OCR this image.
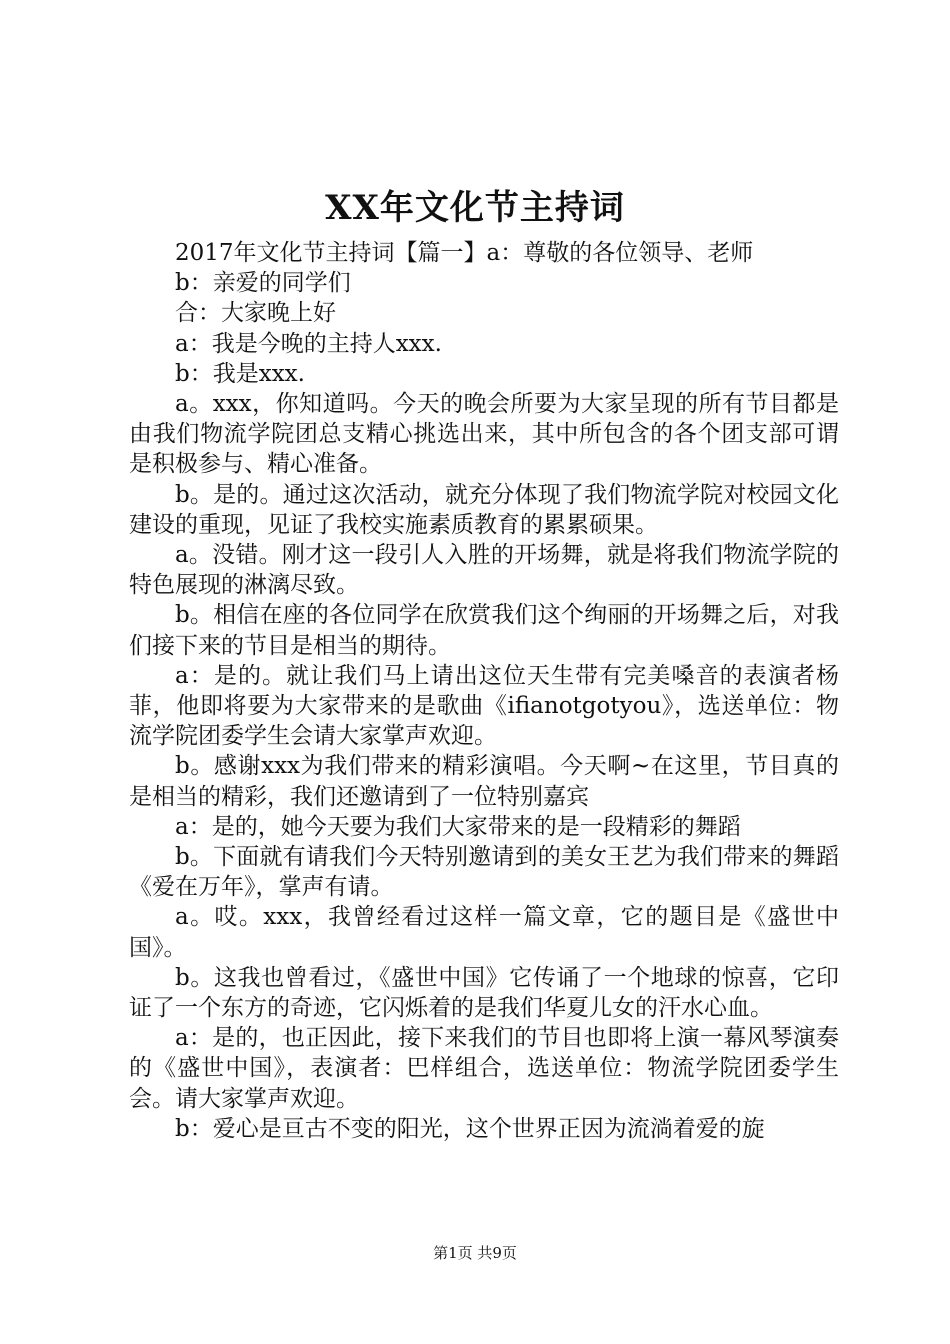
XX年文化节主持词

2017年文化节主持词【篇一】a：尊敬的各位领导、老师

b：亲爱的同学们

合：大家晚上好

a：我是今晚的主持人xxx.

b：我是xxx.

a。xxx，你知道吗。今天的晚会所要为大家呈现的所有节目都是由我们物流学院团总支精心挑选出来，其中所包含的各个团支部可谓是积极参与、精心准备。

b。是的。通过这次活动，就充分体现了我们物流学院对校园文化建设的重现，见证了我校实施素质教育的累累硕果。

a。没错。刚才这一段引人入胜的开场舞，就是将我们物流学院的特色展现的淋漓尽致。

b。相信在座的各位同学在欣赏我们这个绚丽的开场舞之后，对我们接下来的节目是相当的期待。

a：是的。就让我们马上请出这位天生带有完美嗓音的表演者杨菲，他即将要为大家带来的是歌曲《ifianotgotyou》，选送单位：物流学院团委学生会请大家掌声欢迎。

b。感谢xxx为我们带来的精彩演唱。今天啊~在这里，节目真的是相当的精彩，我们还邀请到了一位特别嘉宾

a：是的，她今天要为我们大家带来的是一段精彩的舞蹈

b。下面就有请我们今天特别邀请到的美女王艺为我们带来的舞蹈《爱在万年》，掌声有请。

a。哎。xxx，我曾经看过这样一篇文章，它的题目是《盛世中国》。

b。这我也曾看过，《盛世中国》它传诵了一个地球的惊喜，它印证了一个东方的奇迹，它闪烁着的是我们华夏儿女的汗水心血。

a：是的，也正因此，接下来我们的节目也即将上演一幕风琴演奏的《盛世中国》，表演者：巴样组合，选送单位：物流学院团委学生会。请大家掌声欢迎。

b：爱心是亘古不变的阳光，这个世界正因为流淌着爱的旋

第1页 共9页
